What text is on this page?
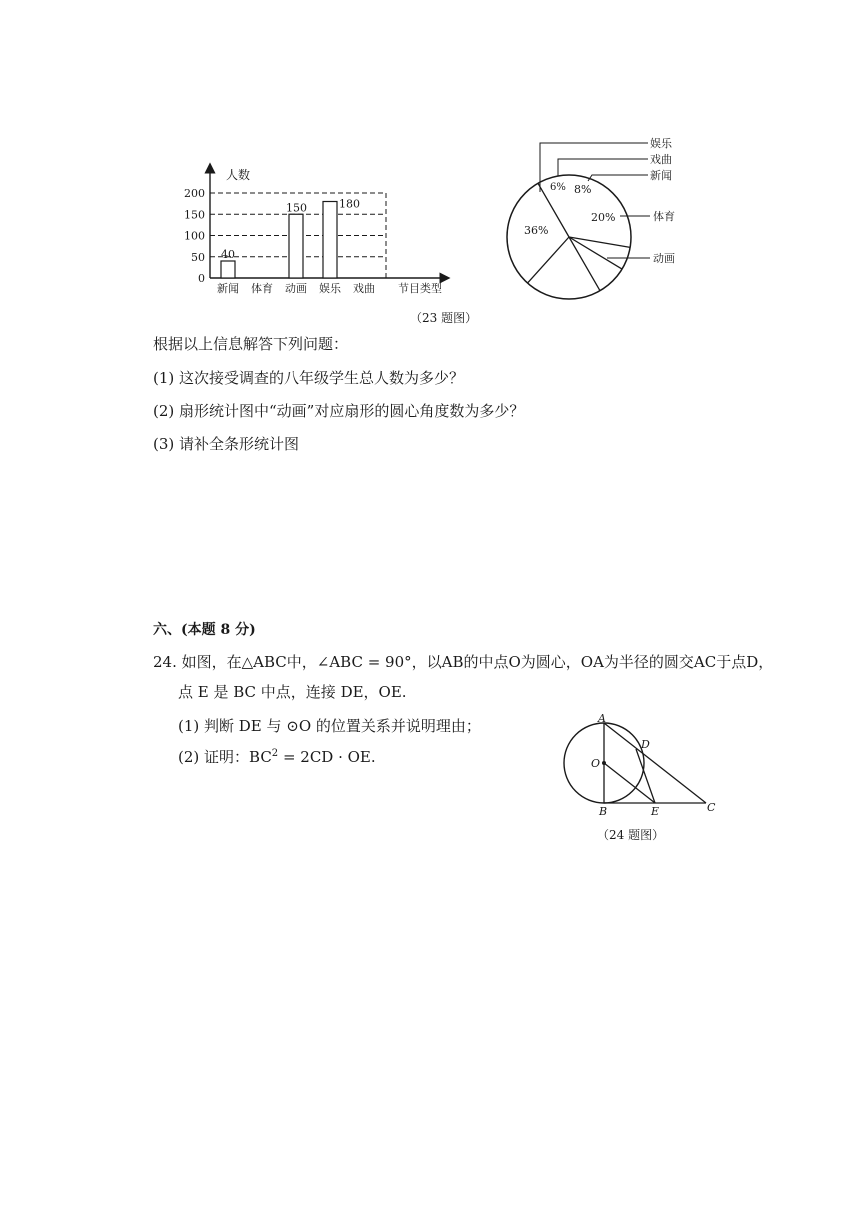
人数
0
50
100
150
200
40
150	180
新闻 体育 动画 娱乐 戏曲 节目类型
娱乐
戏曲
新闻
体育
动画
36%
6% 8%
20%
（23 题图）
根据以上信息解答下列问题：
(1) 这次接受调查的八年级学生总人数为多少？
(2) 扇形统计图中“动画”对应扇形的圆心角度数为多少？
(3) 请补全条形统计图
六、(本题 8 分)
24. 如图，在△ABC中，∠ABC = 90°，以AB的中点O为圆心，OA为半径的圆交AC于点D，
点 E 是 BC 中点，连接 DE，OE.
(1) 判断 DE 与 ⊙O 的位置关系并说明理由；
(2) 证明：$BC^2 = 2CD$ · OE.
A
D
O
B	E	C
（24 题图）
